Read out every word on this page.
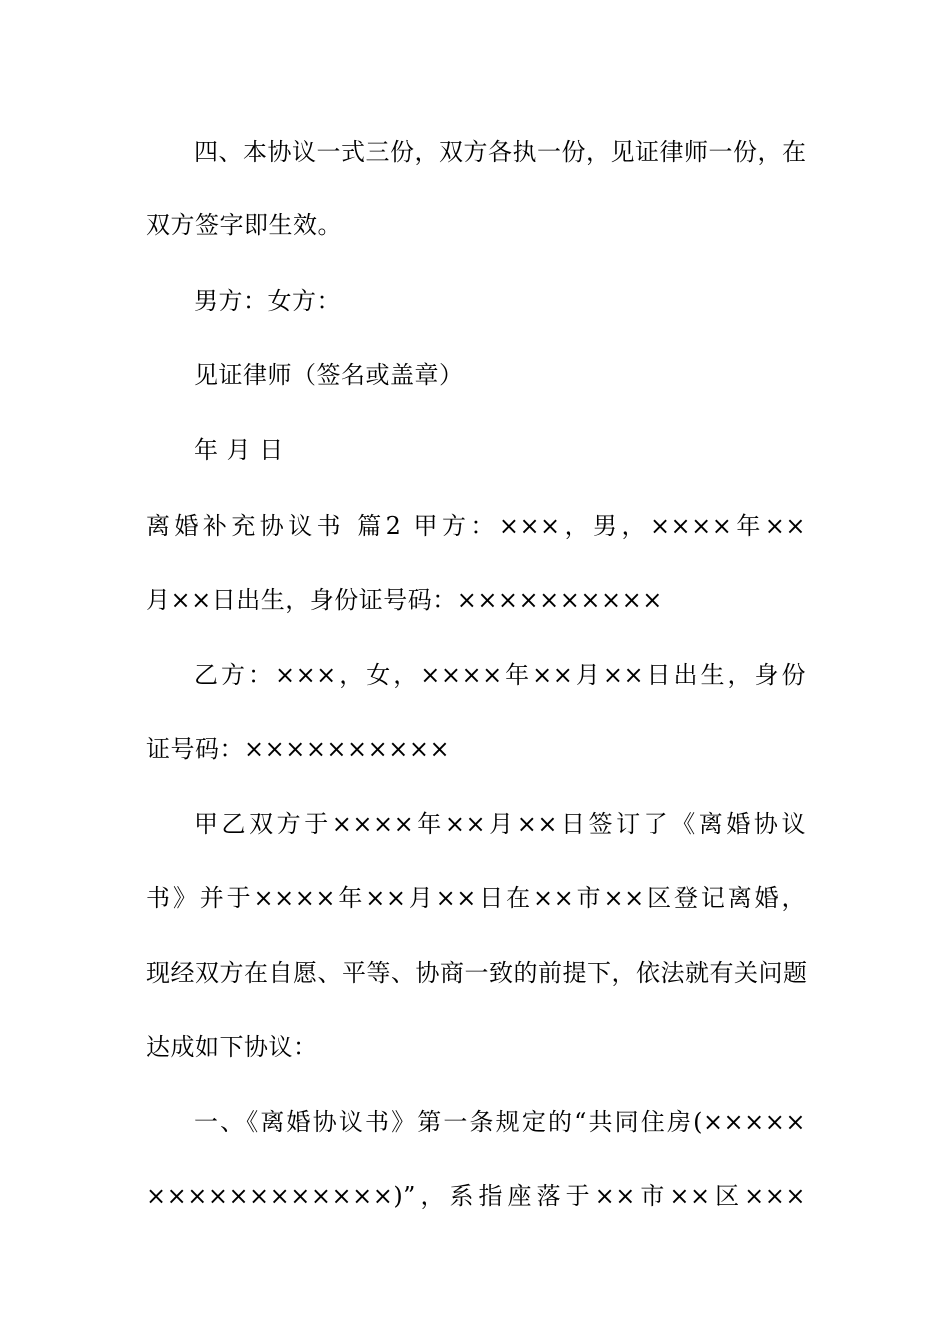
四、本协议一式三份，双方各执一份，见证律师一份，在
双方签字即生效。
男方：女方：
见证律师（签名或盖章）
年 月 日
离婚补充协议书 篇2 甲方：×××，男，××××年××
月××日出生，身份证号码：××××××××××
乙方：×××，女，××××年××月××日出生，身份
证号码：××××××××××
甲乙双方于××××年××月××日签订了《离婚协议
书》并于××××年××月××日在××市××区登记离婚，
现经双方在自愿、平等、协商一致的前提下，依法就有关问题
达成如下协议：
一、《离婚协议书》第一条规定的“共同住房(×××××
××××××××××××)”，系指座落于××市××区×××
